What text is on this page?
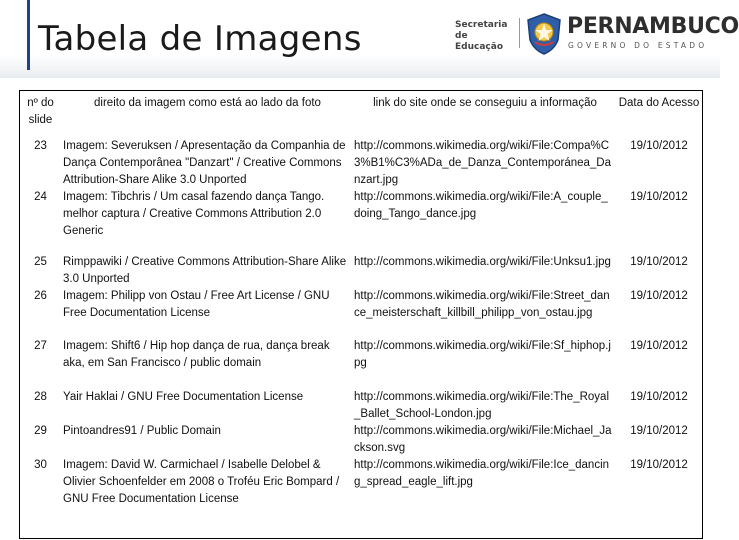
Tabela de Imagens	Secretaria de
Educação
PERNAMBUCO
GOVERNO DO ESTADO
nº do slide	direito da imagem como está ao lado da foto	link do site onde se conseguiu a informação	Data do Acesso
23	Imagem: Severuksen / Apresentação da Companhia de Dança Contemporânea "Danzart" / Creative Commons Attribution-Share Alike 3.0 Unported	http://commons.wikimedia.org/wiki/File:Compa%C3%B1%C3%ADa_de_Danza_Contemporánea_Danzart.jpg	19/10/2012
24	Imagem: Tibchris / Um casal fazendo dança Tango. melhor captura / Creative Commons Attribution 2.0 Generic	http://commons.wikimedia.org/wiki/File:A_couple_doing_Tango_dance.jpg	19/10/2012
25	Rimppawiki / Creative Commons Attribution-Share Alike 3.0 Unported	http://commons.wikimedia.org/wiki/File:Unksu1.jpg	19/10/2012
26	Imagem: Philipp von Ostau / Free Art License / GNU Free Documentation License	http://commons.wikimedia.org/wiki/File:Street_dance_meisterschaft_killbill_philipp_von_ostau.jpg	19/10/2012
27	Imagem: Shift6 / Hip hop dança de rua, dança break aka, em San Francisco / public domain	http://commons.wikimedia.org/wiki/File:Sf_hiphop.jpg	19/10/2012
28	Yair Haklai / GNU Free Documentation License	http://commons.wikimedia.org/wiki/File:The_Royal_Ballet_School-London.jpg	19/10/2012
29	Pintoandres91 / Public Domain	http://commons.wikimedia.org/wiki/File:Michael_Jackson.svg	19/10/2012
30	Imagem: David W. Carmichael / Isabelle Delobel & Olivier Schoenfelder em 2008 o Troféu Eric Bompard / GNU Free Documentation License	http://commons.wikimedia.org/wiki/File:Ice_dancing_spread_eagle_lift.jpg	19/10/2012
